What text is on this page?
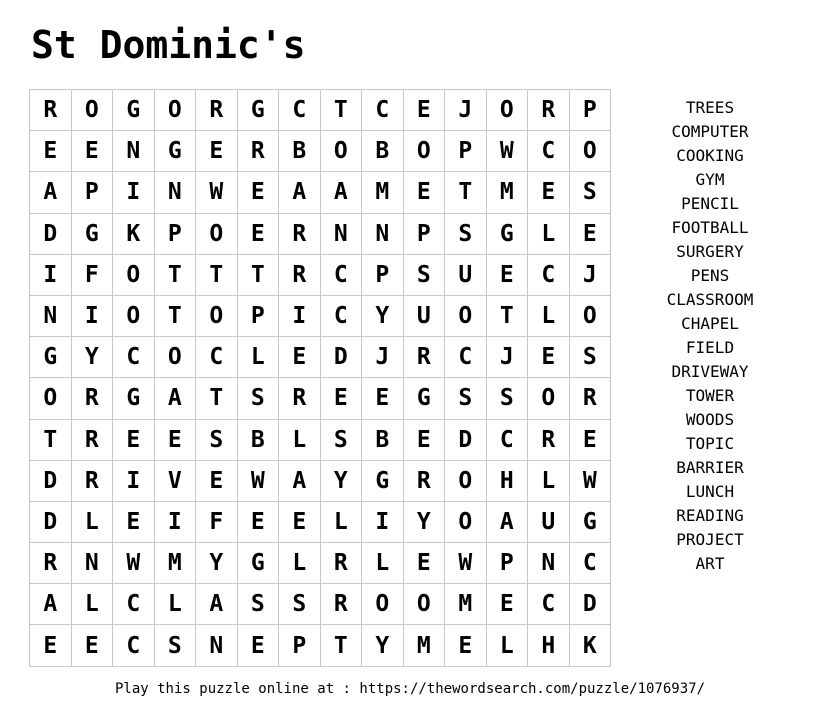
St Dominic's
R	O	G	O	R	G	C	T	C	E	J	O	R	P
E	E	N	G	E	R	B	O	B	O	P	W	C	O
A	P	I	N	W	E	A	A	M	E	T	M	E	S
D	G	K	P	O	E	R	N	N	P	S	G	L	E
I	F	O	T	T	T	R	C	P	S	U	E	C	J
N	I	O	T	O	P	I	C	Y	U	O	T	L	O
G	Y	C	O	C	L	E	D	J	R	C	J	E	S
O	R	G	A	T	S	R	E	E	G	S	S	O	R
T	R	E	E	S	B	L	S	B	E	D	C	R	E
D	R	I	V	E	W	A	Y	G	R	O	H	L	W
D	L	E	I	F	E	E	L	I	Y	O	A	U	G
R	N	W	M	Y	G	L	R	L	E	W	P	N	C
A	L	C	L	A	S	S	R	O	O	M	E	C	D
E	E	C	S	N	E	P	T	Y	M	E	L	H	K
TREES
COMPUTER
COOKING
GYM
PENCIL
FOOTBALL
SURGERY
PENS
CLASSROOM
CHAPEL
FIELD
DRIVEWAY
TOWER
WOODS
TOPIC
BARRIER
LUNCH
READING
PROJECT
ART
Play this puzzle online at : https://thewordsearch.com/puzzle/1076937/
